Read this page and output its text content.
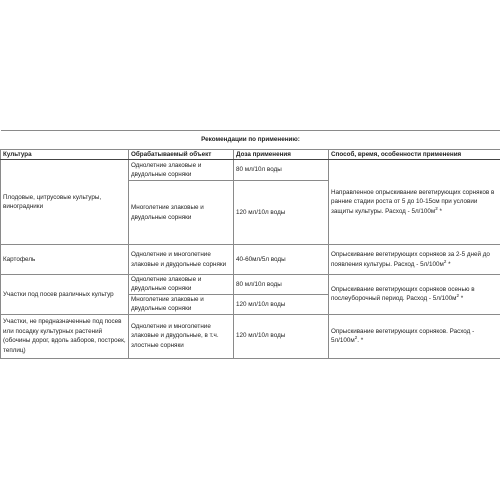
Рекомендации по применению:			
Культура	Обрабатываемый объект	Доза применения	Способ, время, особенности применения
Плодовые, цитрусовые культуры, виноградники	Однолетние злаковые и двудольные сорняки	80 мл/10л воды	Направленное опрыскивание вегетирующих сорняков в ранние стадии роста от 5 до 10-15см при условии защиты культуры. Расход - $5л/100м^2$ *
	Многолетние злаковые и двудольные сорняки	120 мл/10л воды	
Картофель	Однолетние и многолетние злаковые и двудольные сорняки	40-60мл/5л воды	Опрыскивание вегетирующих сорняков за 2-5 дней до появления культуры. Расход - $5л/100м^2$ *
Участки под посев различных культур	Однолетние злаковые и двудольные сорняки	80 мл/10л воды	Опрыскивание вегетирующих сорняков осенью в послеуборочный период. Расход - $5л/100м^2$ *
	Многолетние злаковые и двудольные сорняки	120 мл/10л воды	
Участки, не предназначенные под посев или посадку культурных растений (обочины дорог, вдоль заборов, построек, теплиц)	Однолетние и многолетние злаковые и двудольные, в т.ч. злостные сорняки	120 мл/10л воды	Опрыскивание вегетирующих сорняков. Расход - $5л/100м^2$. *
